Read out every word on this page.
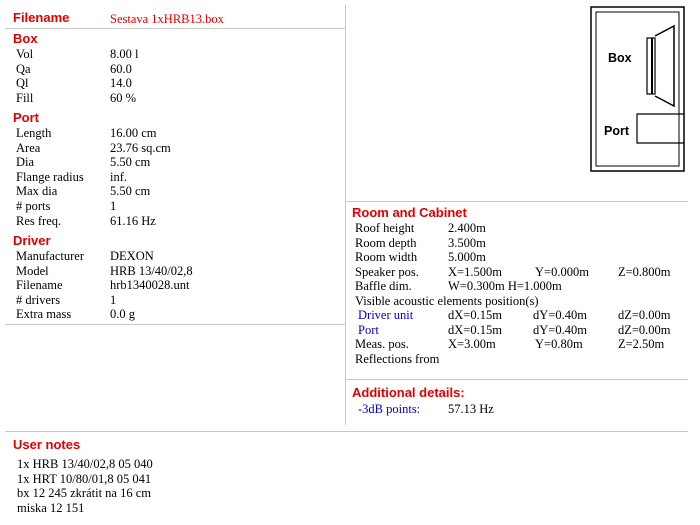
Filename	Sestava 1xHRB13.box
Box
Vol	8.00 l
Qa	60.0
Ql	14.0
Fill	60 %
Port
Length	16.00 cm
Area	23.76 sq.cm
Dia	5.50 cm
Flange radius inf.
Max dia	5.50 cm
# ports	1
Res freq.	61.16 Hz
Driver
Manufacturer DEXON
Model	HRB 13/40/02,8
Filename	hrb1340028.unt
# drivers	1
Extra mass	0.0 g
Box
Port
Room and Cabinet
Roof height	2.400m
Room depth	3.500m
Room width 5.000m
Speaker pos. X=1.500m	Y=0.000m Z=0.800m
Baffle dim.	W=0.300m H=1.000m
Visible acoustic elements position(s)
Driver unit	dX=0.15m dY=0.40m dZ=0.00m
Port	dX=0.15m dY=0.40m dZ=0.00m
Meas. pos.	X=3.00m	Y=0.80m	Z=2.50m
Reflections from
Additional details:
-3dB points: 57.13 Hz
User notes
1x HRB 13/40/02,8 05 040
1x HRT 10/80/01,8 05 041
bx 12 245 zkrátit na 16 cm
miska 12 151
